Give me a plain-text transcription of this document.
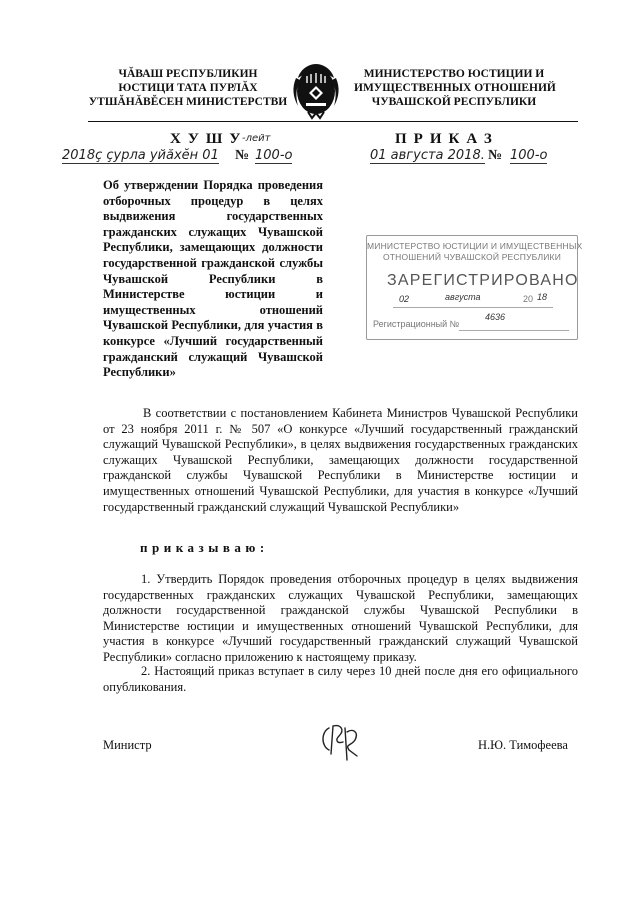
ЧĂВАШ РЕСПУБЛИКИН
ЮСТИЦИ ТАТА ПУРЛĂХ
УТШĂНĂВĔСЕН МИНИСТЕРСТВИ
МИНИСТЕРСТВО ЮСТИЦИИ И
ИМУЩЕСТВЕННЫХ ОТНОШЕНИЙ
ЧУВАШСКОЙ РЕСПУБЛИКИ
ХУШУ
-лейт
2018ç çурла уйăхĕн 01 № 100-о
ПРИКАЗ
01 августа 2018. № 100-о
Об утверждении Порядка проведения отборочных процедур в целях выдвижения государственных гражданских служащих Чувашской Республики, замещающих должности государственной гражданской службы Чувашской Республики в Министерстве юстиции и имущественных отношений Чувашской Республики, для участия в конкурсе «Лучший государственный гражданский служащий Чувашской Республики»
МИНИСТЕРСТВО ЮСТИЦИИ И ИМУЩЕСТВЕННЫХ
ОТНОШЕНИЙ ЧУВАШСКОЙ РЕСПУБЛИКИ
ЗАРЕГИСТРИРОВАНО
02	августа	20 18
Регистрационный №
4636
В соответствии с постановлением Кабинета Министров Чувашской Республики от 23 ноября 2011 г. № 507 «О конкурсе «Лучший государственный гражданский служащий Чувашской Республики», в целях выдвижения государственных гражданских служащих Чувашской Республики, замещающих должности государственной гражданской службы Чувашской Республики в Министерстве юстиции и имущественных отношений Чувашской Республики, для участия в конкурсе «Лучший государственный гражданский служащий Чувашской Республики»
приказываю:
1. Утвердить Порядок проведения отборочных процедур в целях выдвижения государственных гражданских служащих Чувашской Республики, замещающих должности государственной гражданской службы Чувашской Республики в Министерстве юстиции и имущественных отношений Чувашской Республики, для участия в конкурсе «Лучший государственный гражданский служащий Чувашской Республики» согласно приложению к настоящему приказу.
2. Настоящий приказ вступает в силу через 10 дней после дня его официального опубликования.
Министр	Н.Ю. Тимофеева
